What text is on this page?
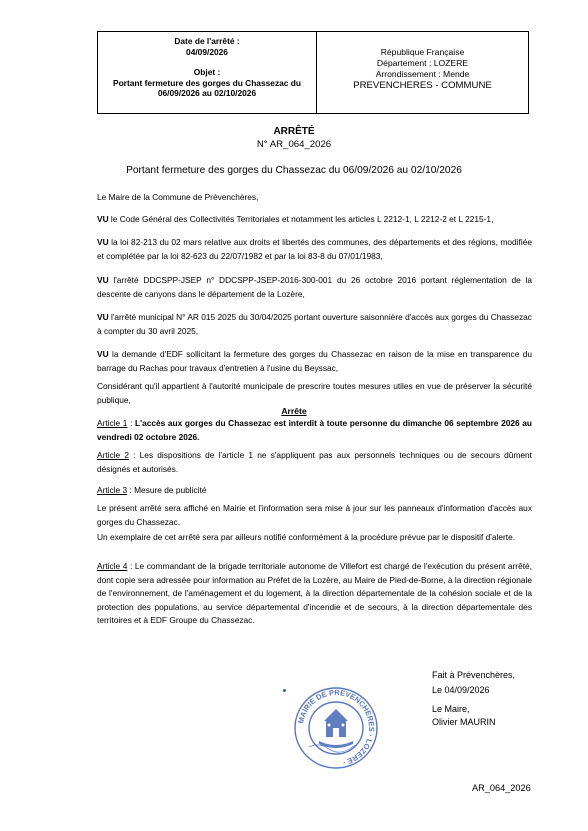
Date de l'arrêté :
04/09/2026
Objet :
Portant fermeture des gorges du Chassezac du
06/09/2026 au 02/10/2026
République Française
Département : LOZERE
Arrondissement : Mende
PREVENCHERES - COMMUNE
ARRÊTÉ
N° AR_064_2026
Portant fermeture des gorges du Chassezac du 06/09/2026 au 02/10/2026
Le Maire de la Commune de Prévenchères,
VU le Code Général des Collectivités Territoriales et notamment les articles L 2212-1, L 2212-2 et L 2215-1,
VU la loi 82-213 du 02 mars relative aux droits et libertés des communes, des départements et des régions, modifiée et complétée par la loi 82-623 du 22/07/1982 et par la loi 83-8 du 07/01/1983,
VU l'arrêté DDCSPP-JSEP n° DDCSPP-JSEP-2016-300-001 du 26 octobre 2016 portant réglementation de la descente de canyons dans le département de la Lozère,
VU l'arrêté municipal N° AR 015 2025 du 30/04/2025 portant ouverture saisonnière d'accès aux gorges du Chassezac à compter du 30 avril 2025,
VU la demande d'EDF sollicitant la fermeture des gorges du Chassezac en raison de la mise en transparence du barrage du Rachas pour travaux d'entretien à l'usine du Beyssac,
Considérant qu'il appartient à l'autorité municipale de prescrire toutes mesures utiles en vue de préserver la sécurité publique,
Arrête
Article 1 : L'accès aux gorges du Chassezac est interdit à toute personne du dimanche 06 septembre 2026 au vendredi 02 octobre 2026.
Article 2 : Les dispositions de l'article 1 ne s'appliquent pas aux personnels techniques ou de secours dûment désignés et autorisés.
Article 3 : Mesure de publicité
Le présent arrêté sera affiché en Mairie et l'information sera mise à jour sur les panneaux d'information d'accès aux gorges du Chassezac.
Un exemplaire de cet arrêté sera par ailleurs notifié conformément à la procédure prévue par le dispositif d'alerte.
Article 4 : Le commandant de la brigade territoriale autonome de Villefort est chargé de l'exécution du présent arrêté, dont copie sera adressée pour information au Préfet de la Lozère, au Maire de Pied-de-Borne, à la direction régionale de l'environnement, de l'aménagement et du logement, à la direction départementale de la cohésion sociale et de la protection des populations, au service départemental d'incendie et de secours, à la direction départementale des territoires et à EDF Groupe du Chassezac.
Fait à Prévenchères,
Le 04/09/2026
Le Maire,
Olivier MAURIN
MAIRIE DE PREVENCHERES · LOZERE ·
AR_064_2026
